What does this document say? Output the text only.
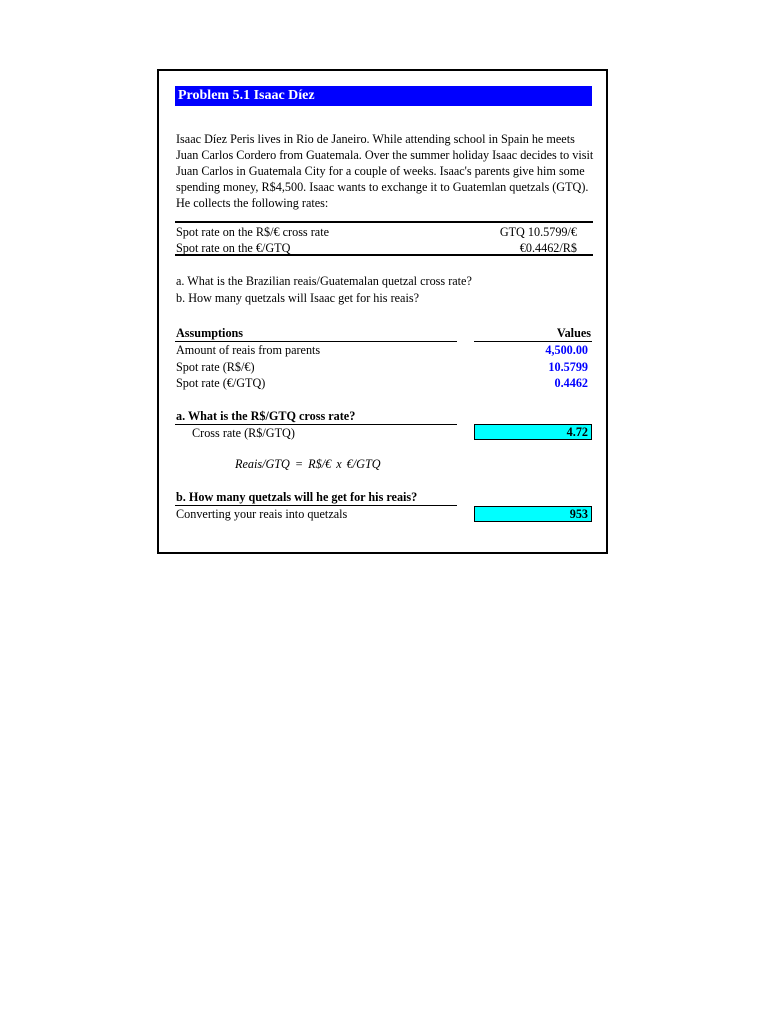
Problem 5.1 Isaac Díez

Isaac Díez Peris lives in Rio de Janeiro. While attending school in Spain he meets Juan Carlos Cordero from Guatemala. Over the summer holiday Isaac decides to visit Juan Carlos in Guatemala City for a couple of weeks. Isaac's parents give him some spending money, R$4,500. Isaac wants to exchange it to Guatemlan quetzals (GTQ). He collects the following rates:

Spot rate on the R$/€ cross rate	GTQ 10.5799/€
Spot rate on the €/GTQ	€0.4462/R$
a. What is the Brazilian reais/Guatemalan quetzal cross rate?
b. How many quetzals will Isaac get for his reais?
Assumptions	Values
Amount of reais from parents	4,500.00
Spot rate (R$/€)	10.5799
Spot rate (€/GTQ)	0.4462
a. What is the R$/GTQ cross rate?
Cross rate (R$/GTQ)	4.72
Reais/GTQ = R$/€ x €/GTQ
b. How many quetzals will he get for his reais?
Converting your reais into quetzals	953
